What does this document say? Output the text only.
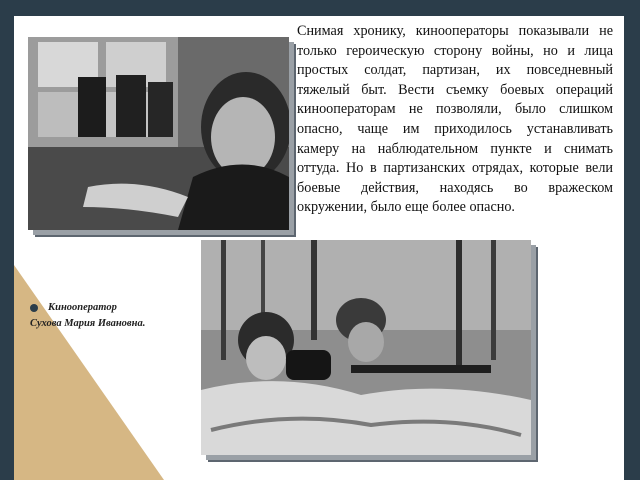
Снимая хронику, кинооператоры показывали не только героическую сторону войны, но и лица простых солдат, партизан, их повседневный тяжелый быт. Вести съемку боевых операций кинооператорам не позволяли, было слишком опасно, чаще им приходилось устанавливать камеру на наблюдательном пункте и снимать оттуда. Но в партизанских отрядах, которые вели боевые действия, находясь во вражеском окружении, было еще более опасно.

Кинооператор
Сухова Мария Ивановна.
